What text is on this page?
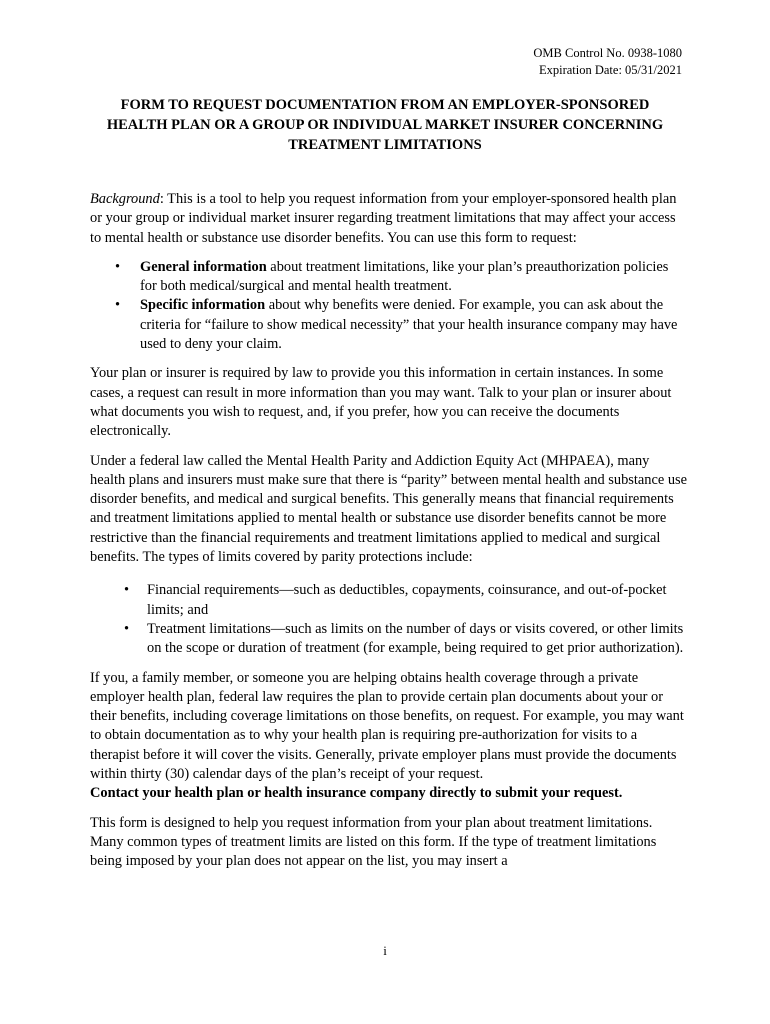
OMB Control No. 0938-1080
Expiration Date: 05/31/2021
FORM TO REQUEST DOCUMENTATION FROM AN EMPLOYER-SPONSORED
HEALTH PLAN OR A GROUP OR INDIVIDUAL MARKET INSURER CONCERNING
TREATMENT LIMITATIONS

Background: This is a tool to help you request information from your employer-sponsored health plan or your group or individual market insurer regarding treatment limitations that may affect your access to mental health or substance use disorder benefits. You can use this form to request:

• General information about treatment limitations, like your plan’s preauthorization policies for both medical/surgical and mental health treatment.
• Specific information about why benefits were denied. For example, you can ask about the criteria for “failure to show medical necessity” that your health insurance company may have used to deny your claim.

Your plan or insurer is required by law to provide you this information in certain instances. In some cases, a request can result in more information than you may want. Talk to your plan or insurer about what documents you wish to request, and, if you prefer, how you can receive the documents electronically.

Under a federal law called the Mental Health Parity and Addiction Equity Act (MHPAEA), many health plans and insurers must make sure that there is “parity” between mental health and substance use disorder benefits, and medical and surgical benefits. This generally means that financial requirements and treatment limitations applied to mental health or substance use disorder benefits cannot be more restrictive than the financial requirements and treatment limitations applied to medical and surgical benefits. The types of limits covered by parity protections include:

• Financial requirements—such as deductibles, copayments, coinsurance, and out-of-pocket limits; and
• Treatment limitations—such as limits on the number of days or visits covered, or other limits on the scope or duration of treatment (for example, being required to get prior authorization).

If you, a family member, or someone you are helping obtains health coverage through a private employer health plan, federal law requires the plan to provide certain plan documents about your or their benefits, including coverage limitations on those benefits, on request. For example, you may want to obtain documentation as to why your health plan is requiring pre-authorization for visits to a therapist before it will cover the visits. Generally, private employer plans must provide the documents within thirty (30) calendar days of the plan’s receipt of your request.
Contact your health plan or health insurance company directly to submit your request.

This form is designed to help you request information from your plan about treatment limitations. Many common types of treatment limits are listed on this form. If the type of treatment limitations being imposed by your plan does not appear on the list, you may insert a

i
